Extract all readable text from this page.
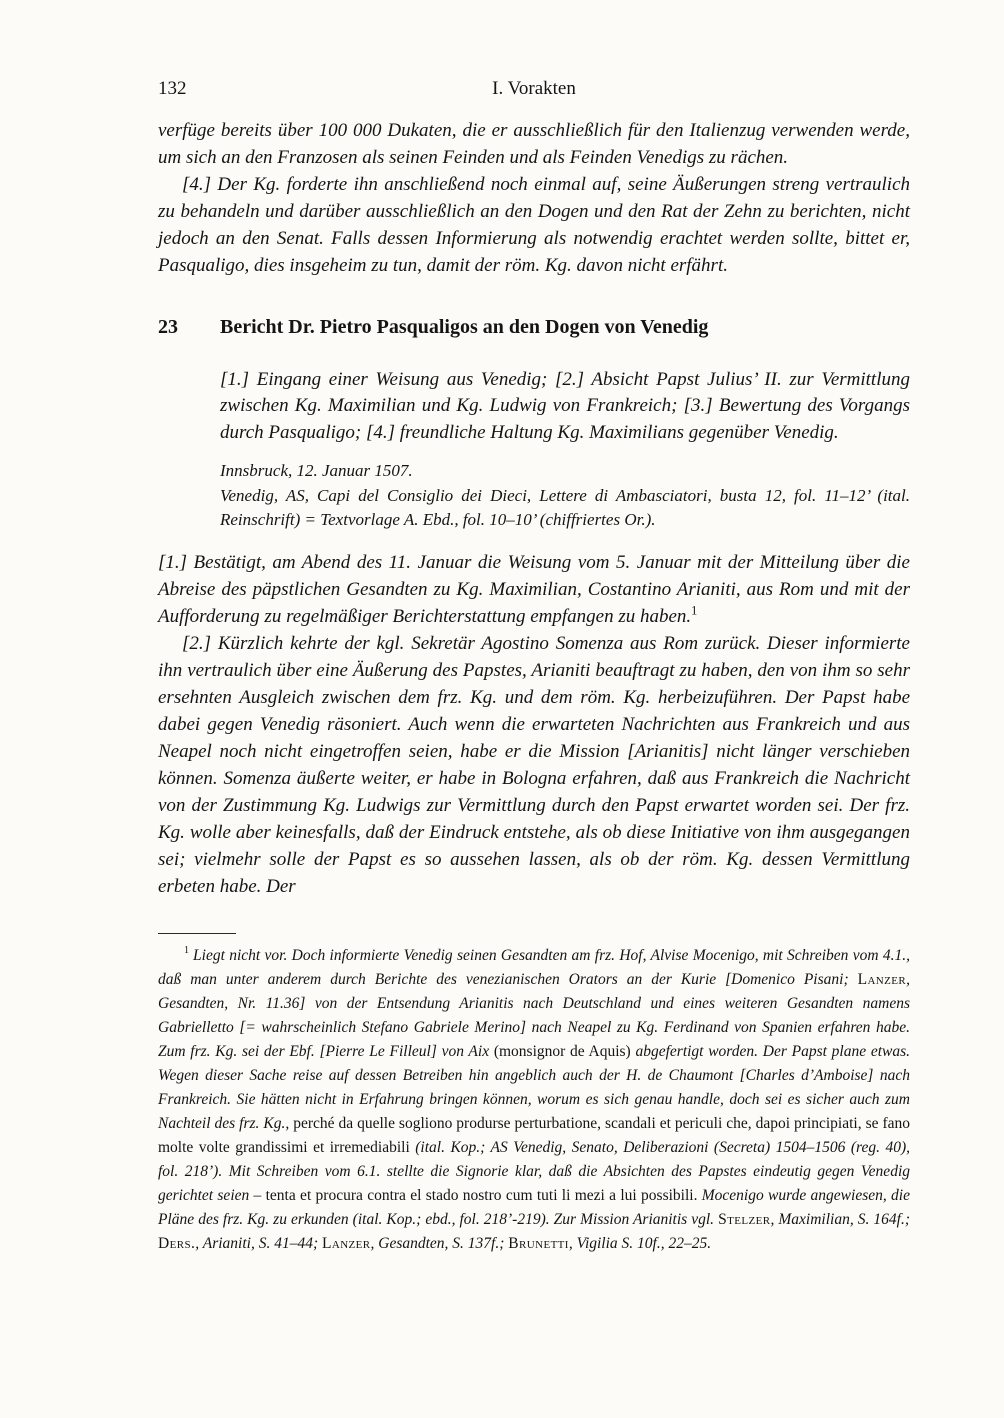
132	I. Vorakten

verfüge bereits über 100 000 Dukaten, die er ausschließlich für den Italienzug verwenden werde, um sich an den Franzosen als seinen Feinden und als Feinden Venedigs zu rächen.

[4.] Der Kg. forderte ihn anschließend noch einmal auf, seine Äußerungen streng vertraulich zu behandeln und darüber ausschließlich an den Dogen und den Rat der Zehn zu berichten, nicht jedoch an den Senat. Falls dessen Informierung als notwendig erachtet werden sollte, bittet er, Pasqualigo, dies insgeheim zu tun, damit der röm. Kg. davon nicht erfährt.

23	Bericht Dr. Pietro Pasqualigos an den Dogen von Venedig

[1.] Eingang einer Weisung aus Venedig; [2.] Absicht Papst Julius’ II. zur Vermittlung zwischen Kg. Maximilian und Kg. Ludwig von Frankreich; [3.] Bewertung des Vorgangs durch Pasqualigo; [4.] freundliche Haltung Kg. Maximilians gegenüber Venedig.

Innsbruck, 12. Januar 1507.

Venedig, AS, Capi del Consiglio dei Dieci, Lettere di Ambasciatori, busta 12, fol. 11–12’ (ital. Reinschrift) = Textvorlage A. Ebd., fol. 10–10’ (chiffriertes Or.).

[1.] Bestätigt, am Abend des 11. Januar die Weisung vom 5. Januar mit der Mitteilung über die Abreise des päpstlichen Gesandten zu Kg. Maximilian, Costantino Arianiti, aus Rom und mit der Aufforderung zu regelmäßiger Berichterstattung empfangen zu haben.$^1$

[2.] Kürzlich kehrte der kgl. Sekretär Agostino Somenza aus Rom zurück. Dieser informierte ihn vertraulich über eine Äußerung des Papstes, Arianiti beauftragt zu haben, den von ihm so sehr ersehnten Ausgleich zwischen dem frz. Kg. und dem röm. Kg. herbeizuführen. Der Papst habe dabei gegen Venedig räsoniert. Auch wenn die erwarteten Nachrichten aus Frankreich und aus Neapel noch nicht eingetroffen seien, habe er die Mission [Arianitis] nicht länger verschieben können. Somenza äußerte weiter, er habe in Bologna erfahren, daß aus Frankreich die Nachricht von der Zustimmung Kg. Ludwigs zur Vermittlung durch den Papst erwartet worden sei. Der frz. Kg. wolle aber keinesfalls, daß der Eindruck entstehe, als ob diese Initiative von ihm ausgegangen sei; vielmehr solle der Papst es so aussehen lassen, als ob der röm. Kg. dessen Vermittlung erbeten habe. Der

$^1$ Liegt nicht vor. Doch informierte Venedig seinen Gesandten am frz. Hof, Alvise Mocenigo, mit Schreiben vom 4.1., daß man unter anderem durch Berichte des venezianischen Orators an der Kurie [Domenico Pisani; Lanzer, Gesandten, Nr. 11.36] von der Entsendung Arianitis nach Deutschland und eines weiteren Gesandten namens Gabrielletto [= wahrscheinlich Stefano Gabriele Merino] nach Neapel zu Kg. Ferdinand von Spanien erfahren habe. Zum frz. Kg. sei der Ebf. [Pierre Le Filleul] von Aix (monsignor de Aquis) abgefertigt worden. Der Papst plane etwas. Wegen dieser Sache reise auf dessen Betreiben hin angeblich auch der H. de Chaumont [Charles d’Amboise] nach Frankreich. Sie hätten nicht in Erfahrung bringen können, worum es sich genau handle, doch sei es sicher auch zum Nachteil des frz. Kg., perché da quelle sogliono produrse perturbatione, scandali et periculi che, dapoi principiati, se fano molte volte grandissimi et irremediabili (ital. Kop.; AS Venedig, Senato, Deliberazioni (Secreta) 1504–1506 (reg. 40), fol. 218’). Mit Schreiben vom 6.1. stellte die Signorie klar, daß die Absichten des Papstes eindeutig gegen Venedig gerichtet seien – tenta et procura contra el stado nostro cum tuti li mezi a lui possibili. Mocenigo wurde angewiesen, die Pläne des frz. Kg. zu erkunden (ital. Kop.; ebd., fol. 218’-219). Zur Mission Arianitis vgl. Stelzer, Maximilian, S. 164f.; Ders., Arianiti, S. 41–44; Lanzer, Gesandten, S. 137f.; Brunetti, Vigilia S. 10f., 22–25.
